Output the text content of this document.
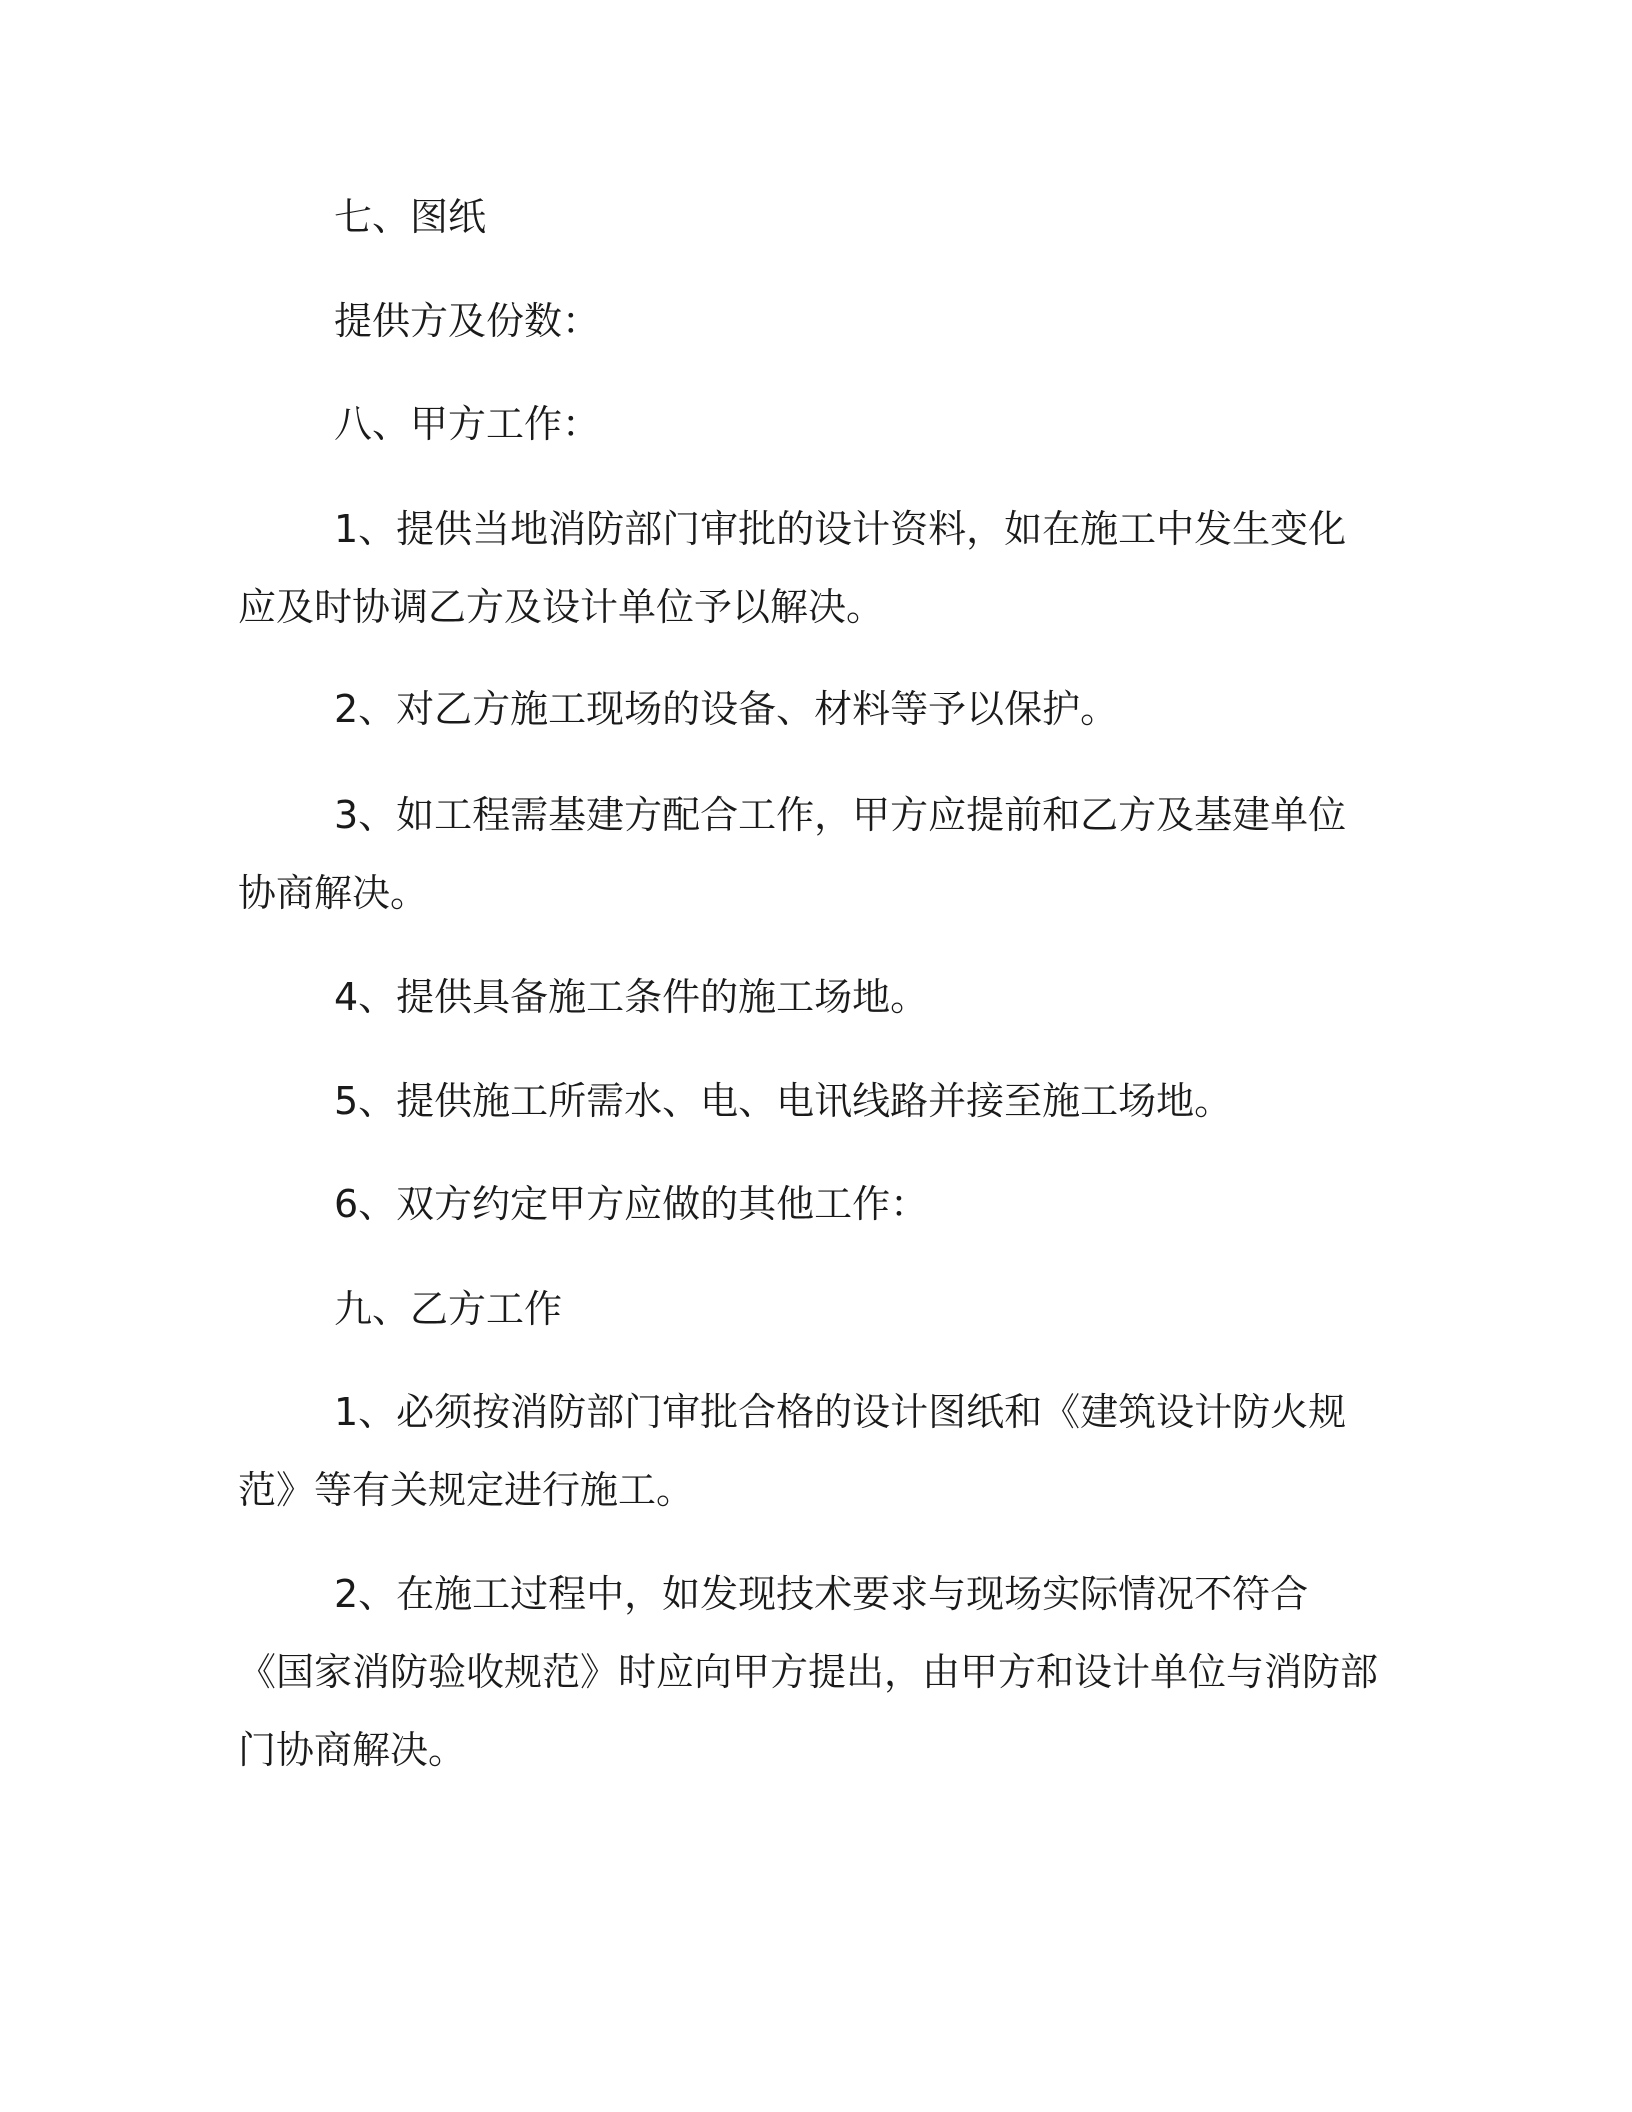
七、图纸

提供方及份数：

八、甲方工作：

1、提供当地消防部门审批的设计资料，如在施工中发生变化应及时协调乙方及设计单位予以解决。

2、对乙方施工现场的设备、材料等予以保护。

3、如工程需基建方配合工作，甲方应提前和乙方及基建单位协商解决。

4、提供具备施工条件的施工场地。

5、提供施工所需水、电、电讯线路并接至施工场地。

6、双方约定甲方应做的其他工作：

九、乙方工作

1、必须按消防部门审批合格的设计图纸和《建筑设计防火规范》等有关规定进行施工。

2、在施工过程中，如发现技术要求与现场实际情况不符合《国家消防验收规范》时应向甲方提出，由甲方和设计单位与消防部门协商解决。
